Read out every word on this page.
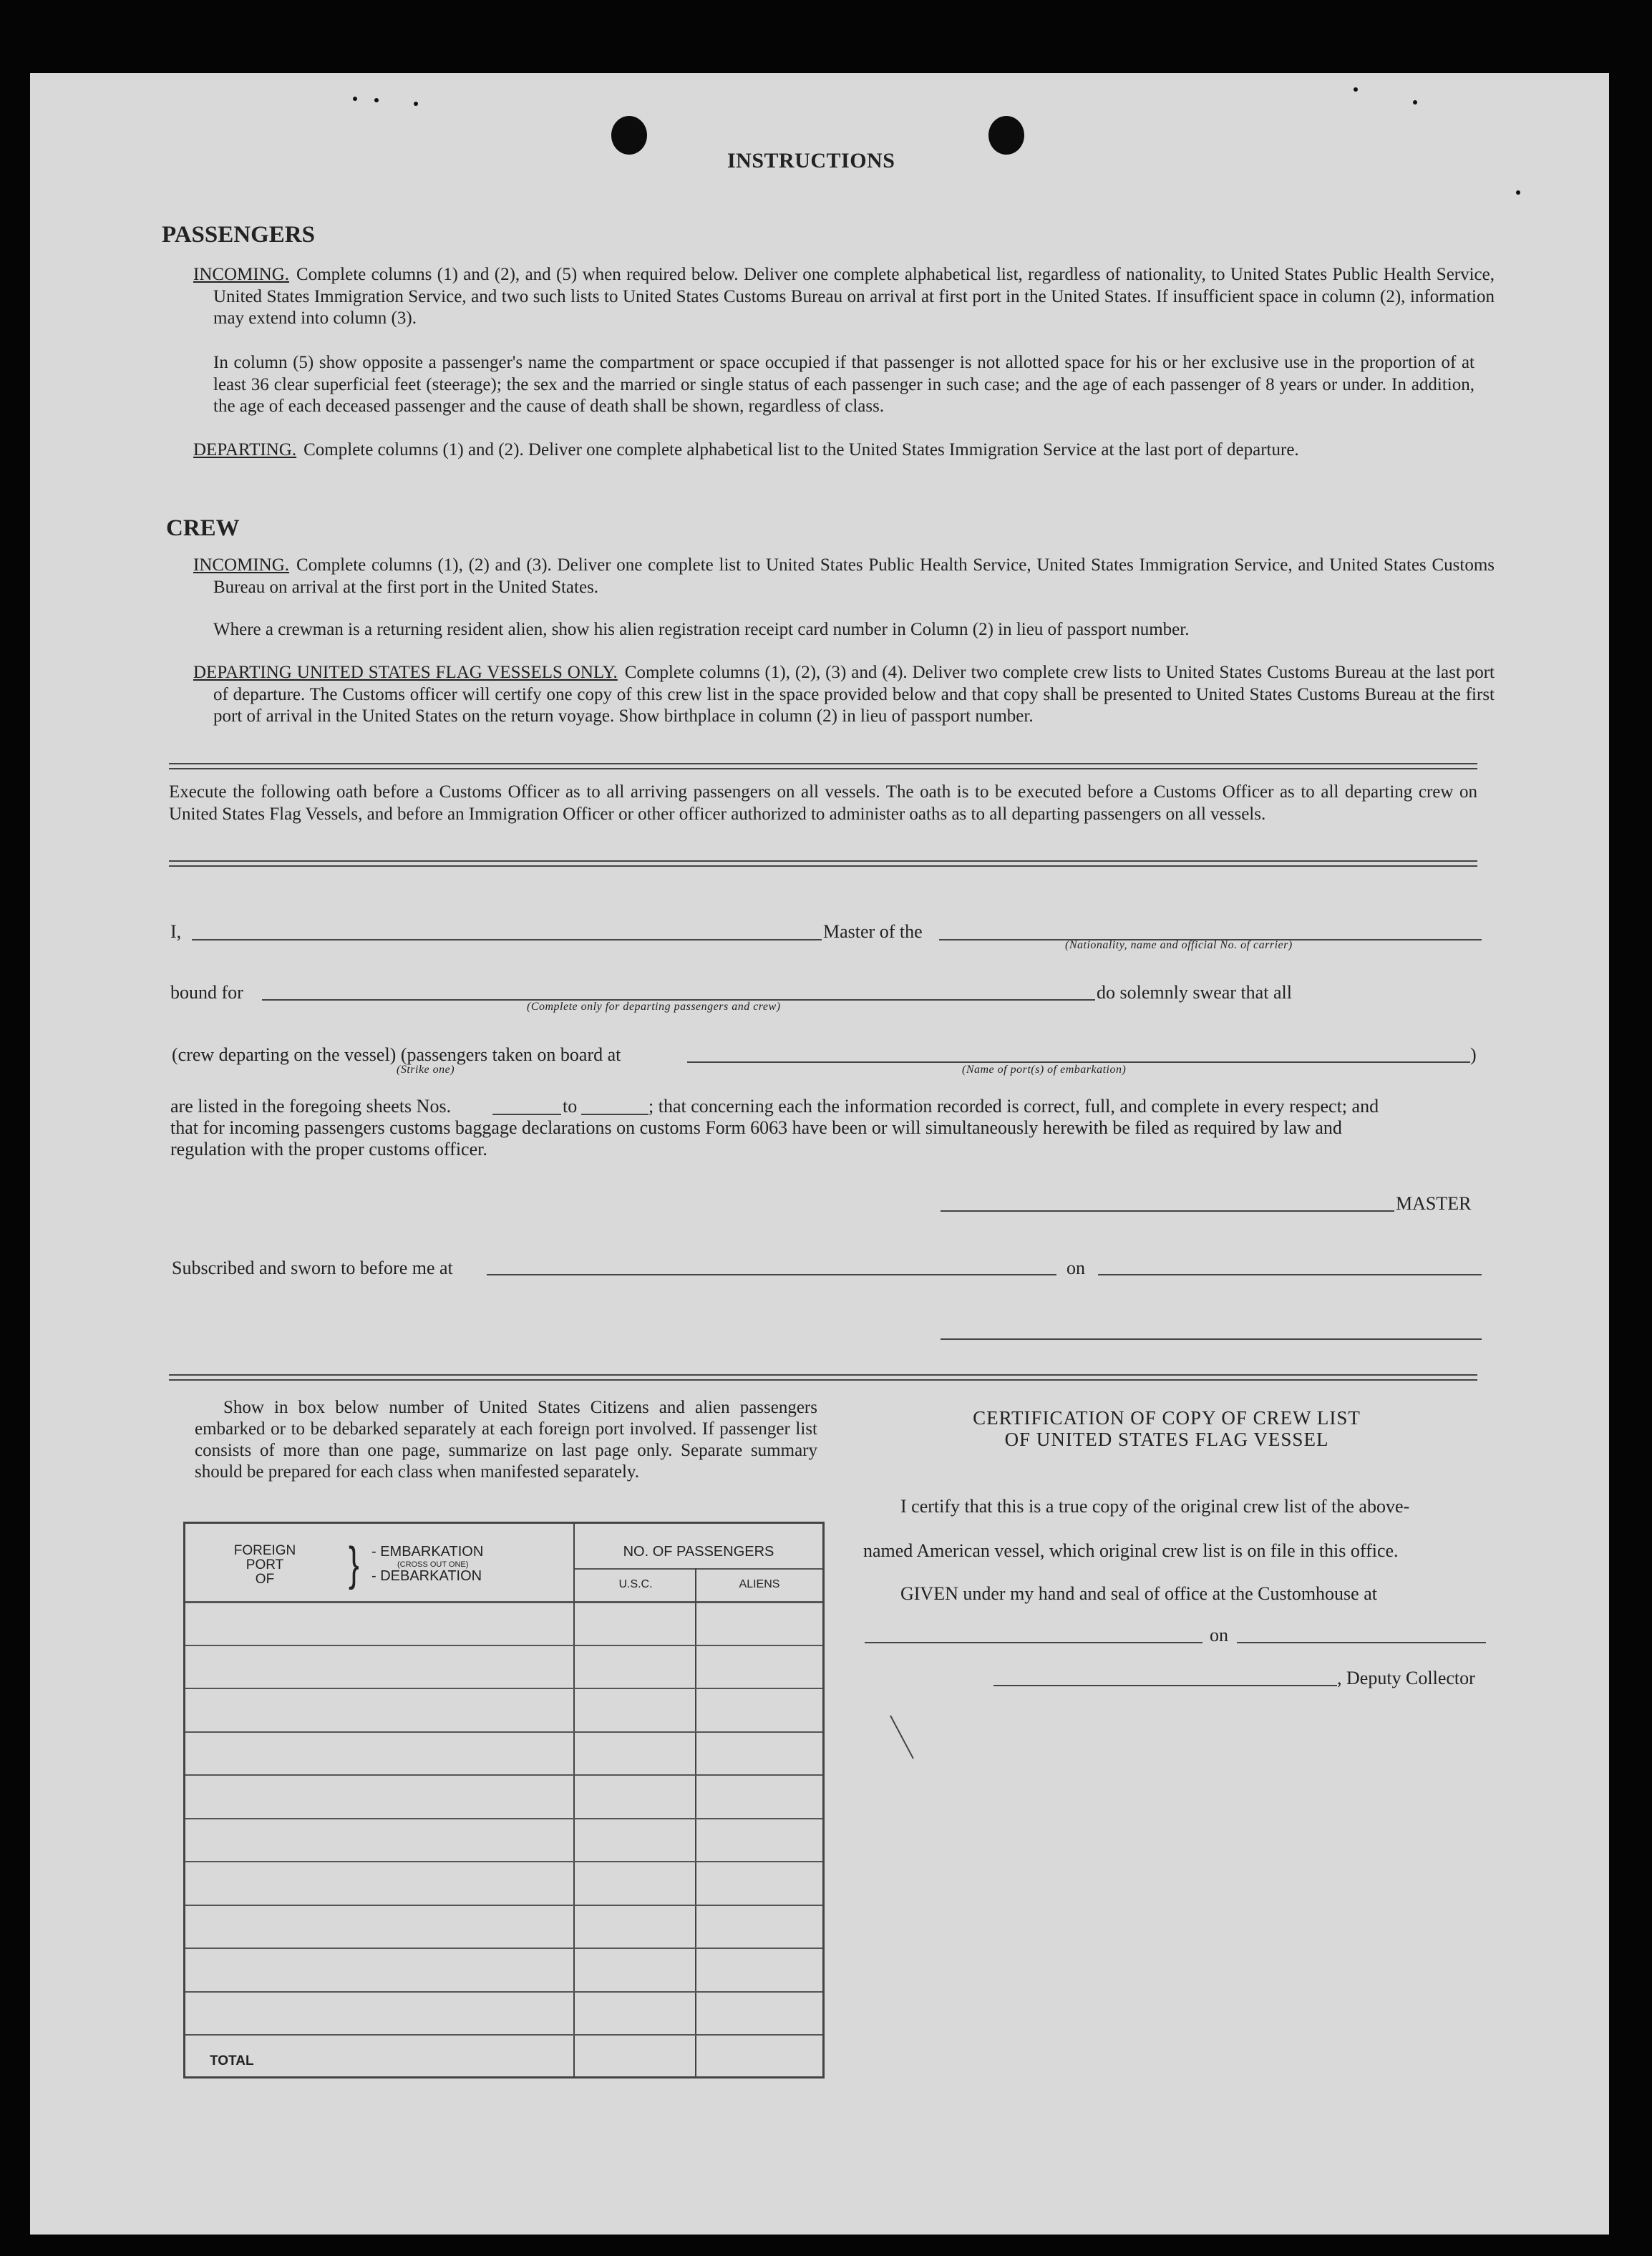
INSTRUCTIONS
PASSENGERS
INCOMING. Complete columns (1) and (2), and (5) when required below. Deliver one complete alphabetical list, regardless of nationality, to United States Public Health Service, United States Immigration Service, and two such lists to United States Customs Bureau on arrival at first port in the United States. If insufficient space in column (2), information may extend into column (3).
In column (5) show opposite a passenger's name the compartment or space occupied if that passenger is not allotted space for his or her exclusive use in the proportion of at least 36 clear superficial feet (steerage); the sex and the married or single status of each passenger in such case; and the age of each passenger of 8 years or under. In addition, the age of each deceased passenger and the cause of death shall be shown, regardless of class.
DEPARTING. Complete columns (1) and (2). Deliver one complete alphabetical list to the United States Immigration Service at the last port of departure.
CREW
INCOMING. Complete columns (1), (2) and (3). Deliver one complete list to United States Public Health Service, United States Immigration Service, and United States Customs Bureau on arrival at the first port in the United States.
Where a crewman is a returning resident alien, show his alien registration receipt card number in Column (2) in lieu of passport number.
DEPARTING UNITED STATES FLAG VESSELS ONLY. Complete columns (1), (2), (3) and (4). Deliver two complete crew lists to United States Customs Bureau at the last port of departure. The Customs officer will certify one copy of this crew list in the space provided below and that copy shall be presented to United States Customs Bureau at the first port of arrival in the United States on the return voyage. Show birthplace in column (2) in lieu of passport number.
Execute the following oath before a Customs Officer as to all arriving passengers on all vessels. The oath is to be executed before a Customs Officer as to all departing crew on United States Flag Vessels, and before an Immigration Officer or other officer authorized to administer oaths as to all departing passengers on all vessels.
I,	Master of the
(Nationality, name and official No. of carrier)
bound for
(Complete only for departing passengers and crew)
do solemnly swear that all
(crew departing on the vessel) (passengers taken on board at
(Strike one)	(Name of port(s) of embarkation)
)
are listed in the foregoing sheets Nos.	to	; that concerning each the information recorded is correct, full, and complete in every respect; and
that for incoming passengers customs baggage declarations on customs Form 6063 have been or will simultaneously herewith be filed as required by law and
regulation with the proper customs officer.
MASTER
Subscribed and sworn to before me at	on
Show in box below number of United States Citizens and alien passengers embarked or to be debarked separately at each foreign port involved. If passenger list consists of more than one page, summarize on last page only. Separate summary should be prepared for each class when manifested separately.
FOREIGN
PORT
OF	} - EMBARKATION
(CROSS OUT ONE)
- DEBARKATION
NO. OF PASSENGERS
U.S.C.	ALIENS
TOTAL
CERTIFICATION OF COPY OF CREW LIST
OF UNITED STATES FLAG VESSEL
I certify that this is a true copy of the original crew list of the above-
named American vessel, which original crew list is on file in this office.
GIVEN under my hand and seal of office at the Customhouse at
on
, Deputy Collector
